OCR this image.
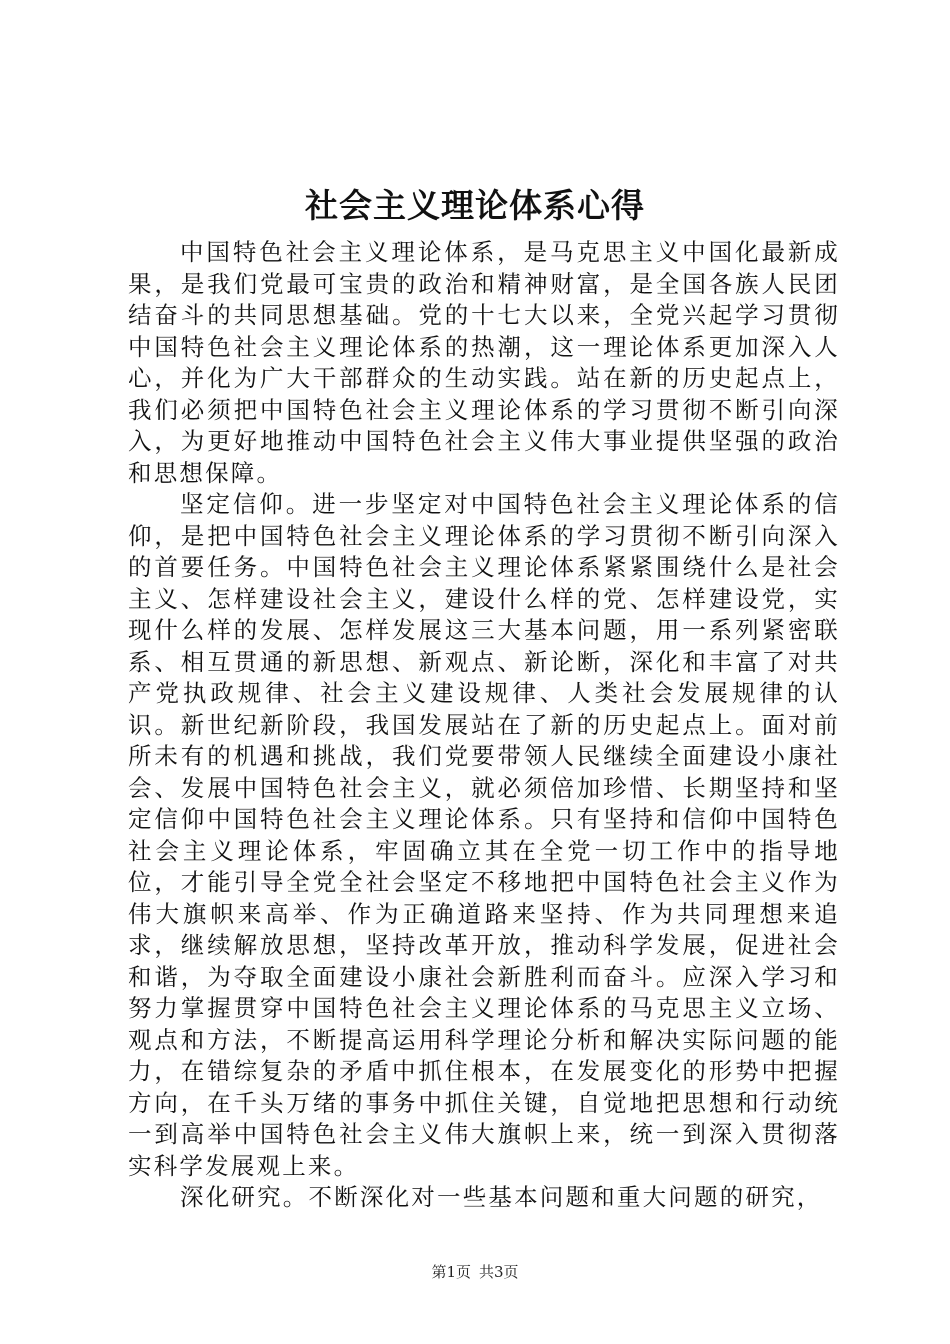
社会主义理论体系心得

中国特色社会主义理论体系，是马克思主义中国化最新成果，是我们党最可宝贵的政治和精神财富，是全国各族人民团结奋斗的共同思想基础。党的十七大以来，全党兴起学习贯彻中国特色社会主义理论体系的热潮，这一理论体系更加深入人心，并化为广大干部群众的生动实践。站在新的历史起点上，我们必须把中国特色社会主义理论体系的学习贯彻不断引向深入，为更好地推动中国特色社会主义伟大事业提供坚强的政治和思想保障。

坚定信仰。进一步坚定对中国特色社会主义理论体系的信仰，是把中国特色社会主义理论体系的学习贯彻不断引向深入的首要任务。中国特色社会主义理论体系紧紧围绕什么是社会主义、怎样建设社会主义，建设什么样的党、怎样建设党，实现什么样的发展、怎样发展这三大基本问题，用一系列紧密联系、相互贯通的新思想、新观点、新论断，深化和丰富了对共产党执政规律、社会主义建设规律、人类社会发展规律的认识。新世纪新阶段，我国发展站在了新的历史起点上。面对前所未有的机遇和挑战，我们党要带领人民继续全面建设小康社会、发展中国特色社会主义，就必须倍加珍惜、长期坚持和坚定信仰中国特色社会主义理论体系。只有坚持和信仰中国特色社会主义理论体系，牢固确立其在全党一切工作中的指导地位，才能引导全党全社会坚定不移地把中国特色社会主义作为伟大旗帜来高举、作为正确道路来坚持、作为共同理想来追求，继续解放思想，坚持改革开放，推动科学发展，促进社会和谐，为夺取全面建设小康社会新胜利而奋斗。应深入学习和努力掌握贯穿中国特色社会主义理论体系的马克思主义立场、观点和方法，不断提高运用科学理论分析和解决实际问题的能力，在错综复杂的矛盾中抓住根本，在发展变化的形势中把握方向，在千头万绪的事务中抓住关键，自觉地把思想和行动统一到高举中国特色社会主义伟大旗帜上来，统一到深入贯彻落实科学发展观上来。

深化研究。不断深化对一些基本问题和重大问题的研究，

第1页 共3页
